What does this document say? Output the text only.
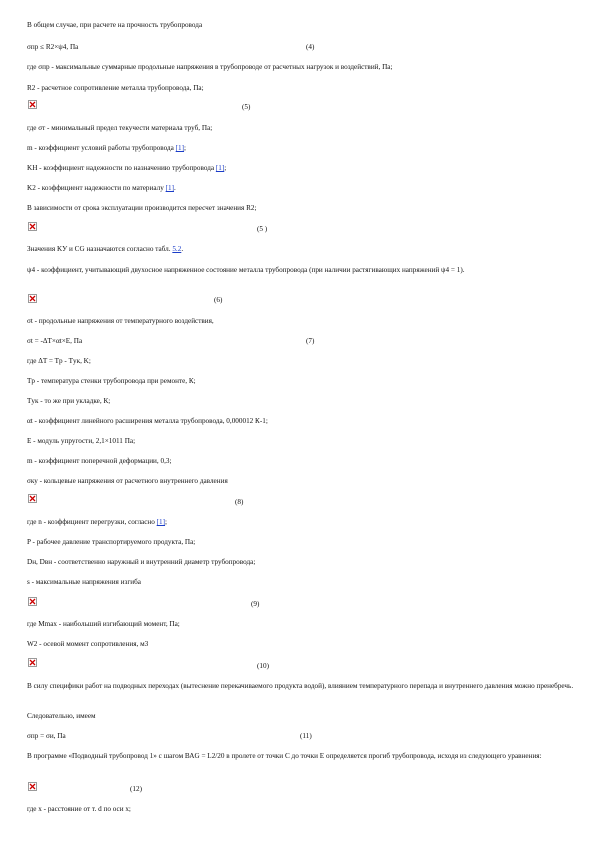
В общем случае, при расчете на прочность трубопровода
σпр ≤ R2×ψ4, Па	(4)
где σпр - максимальные суммарные продольные напряжения в трубопроводе от расчетных нагрузок и воздействий, Па;
R2 - расчетное сопротивление металла трубопровода, Па;
(5)
где σт - минимальный предел текучести материала труб, Па;
m - коэффициент условий работы трубопровода [1];
KH - коэффициент надежности по назначению трубопровода [1];
K2 - коэффициент надежности по материалу [1].
В зависимости от срока эксплуатации производится пересчет значения R2;
(5 )
Значения KУ и CG назначаются согласно табл. 5.2.
ψ4 - коэффициент, учитывающий двухосное напряженное состояние металла трубопровода (при наличии растягивающих напряжений ψ4 = 1).
(6)
σt - продольные напряжения от температурного воздействия,
σt = -ΔT×αt×E, Па	(7)
где ΔT = Tр - Tук, K;
Tр - температура стенки трубопровода при ремонте, К;
Tук - то же при укладке, К;
αt - коэффициент линейного расширения металла трубопровода, 0,000012 К-1;
E - модуль упругости, 2,1×1011 Па;
m - коэффициент поперечной деформации, 0,3;
σку - кольцевые напряжения от расчетного внутреннего давления
(8)
где n - коэффициент перегрузки, согласно [1];
P - рабочее давление транспортируемого продукта, Па;
Dн, Dвн - соответственно наружный и внутренний диаметр трубопровода;
s - максимальные напряжения изгиба
(9)
где Mmax - наибольший изгибающий момент, Па;
W2 - осевой момент сопротивления, м3
(10)
В силу специфики работ на подводных переходах (вытеснение перекачиваемого продукта водой), влиянием температурного перепада и внутреннего давления можно пренебречь.
Следовательно, имеем
σпр = σи, Па	(11)
В программе «Подводный трубопровод 1» с шагом ВАG = L2/20 в пролете от точки C до точки E определяется прогиб трубопровода, исходя из следующего уравнения:
(12)
где x - расстояние от т. d по оси x;
